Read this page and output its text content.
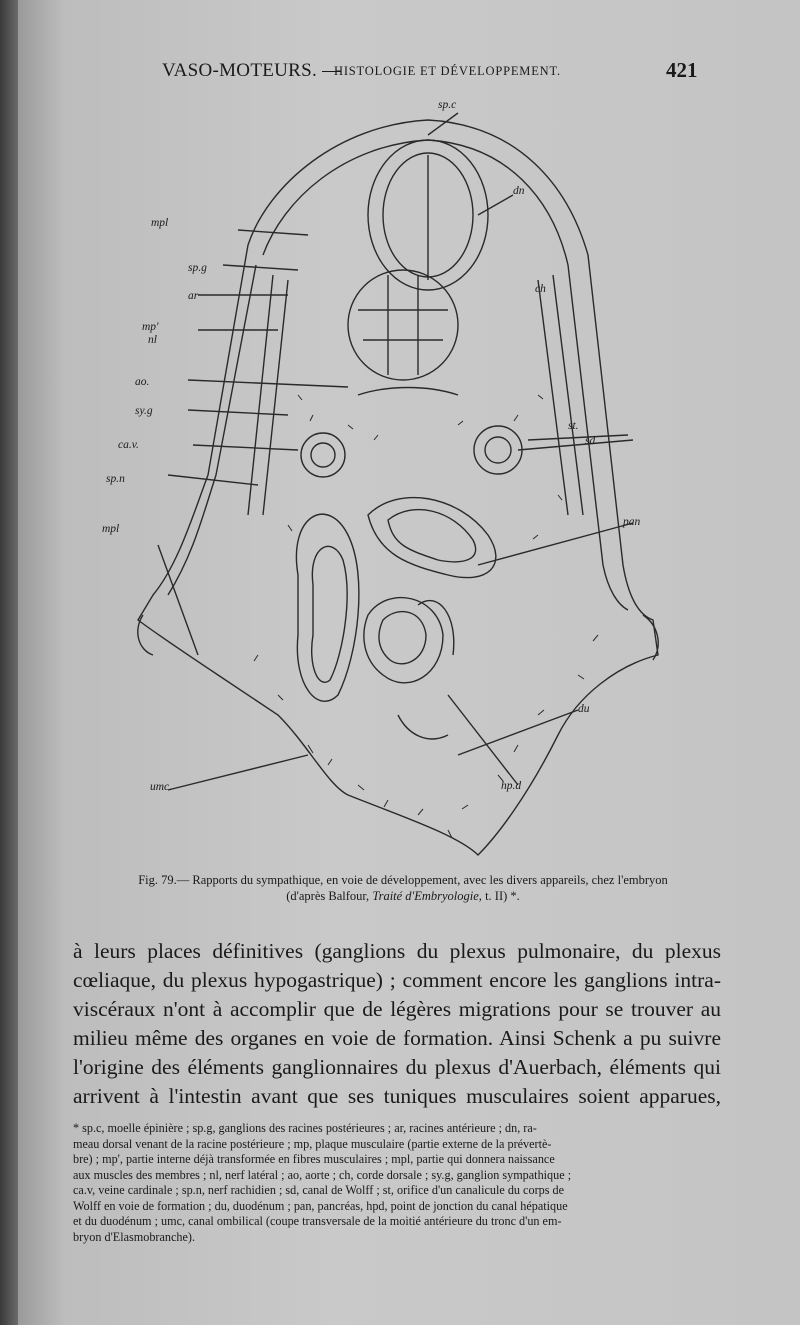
VASO-MOTEURS. —
HISTOLOGIE ET DÉVELOPPEMENT.	421
sp.c
dn
mpl
sp.g
ch
ar
mp'
nl
ao.
sy.g
st.
sd
ca.v.
sp.n
pan
mpl
du
hp.d
umc.
Fig. 79.— Rapports du sympathique, en voie de développement, avec les divers appareils, chez l'embryon
(d'après Balfour, Traité d'Embryologie, t. II) *.
à leurs places définitives (ganglions du plexus pulmonaire, du plexus
cœliaque, du plexus hypogastrique) ; comment encore les ganglions intra-
viscéraux n'ont à accomplir que de légères migrations pour se trouver au
milieu même des organes en voie de formation. Ainsi Schenk a pu suivre
l'origine des éléments ganglionnaires du plexus d'Auerbach, éléments qui
arrivent à l'intestin avant que ses tuniques musculaires soient apparues,
* sp.c, moelle épinière ; sp.g, ganglions des racines postérieures ; ar, racines antérieure ; dn, ra-
meau dorsal venant de la racine postérieure ; mp, plaque musculaire (partie externe de la prévertè-
bre) ; mp', partie interne déjà transformée en fibres musculaires ; mpl, partie qui donnera naissance
aux muscles des membres ; nl, nerf latéral ; ao, aorte ; ch, corde dorsale ; sy.g, ganglion sympathique ;
ca.v, veine cardinale ; sp.n, nerf rachidien ; sd, canal de Wolff ; st, orifice d'un canalicule du corps de
Wolff en voie de formation ; du, duodénum ; pan, pancréas, hpd, point de jonction du canal hépatique
et du duodénum ; umc, canal ombilical (coupe transversale de la moitié antérieure du tronc d'un em-
bryon d'Elasmobranche).
